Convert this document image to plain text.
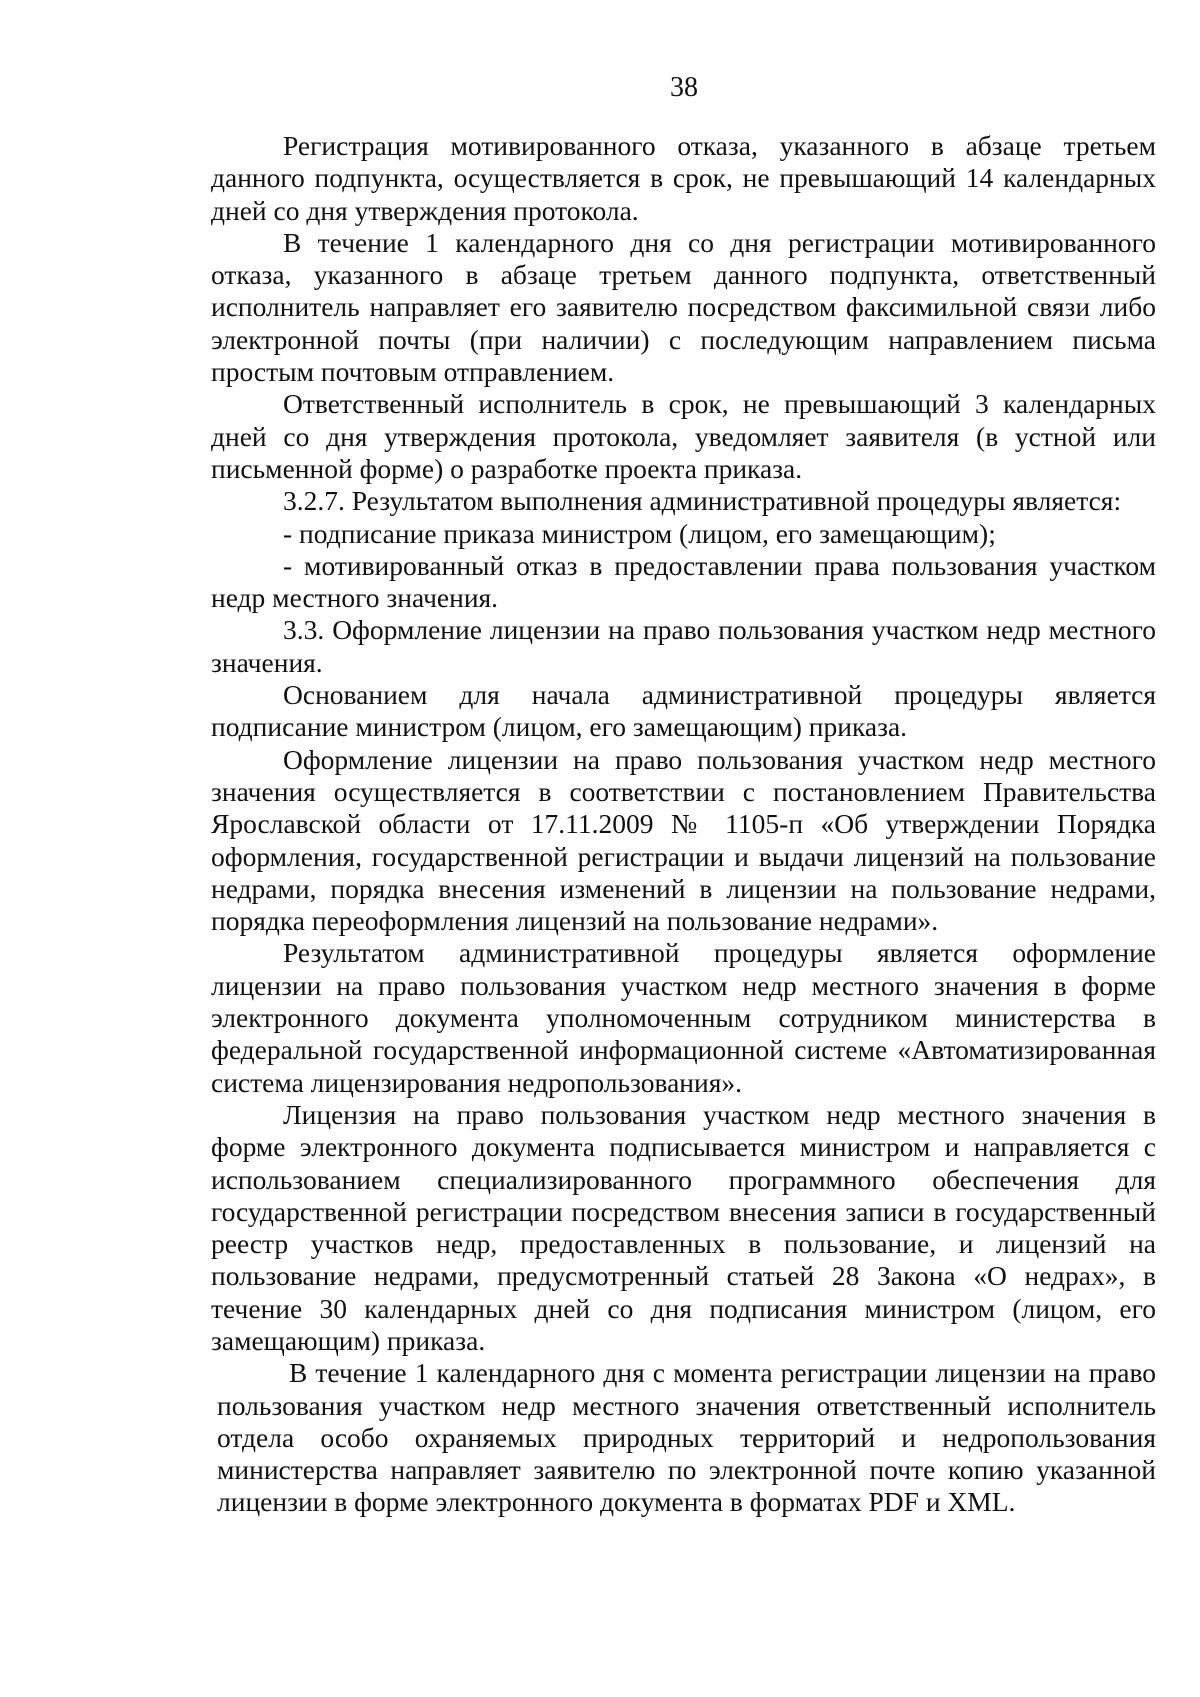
38

Регистрация мотивированного отказа, указанного в абзаце третьем данного подпункта, осуществляется в срок, не превышающий 14 календарных дней со дня утверждения протокола.

В течение 1 календарного дня со дня регистрации мотивированного отказа, указанного в абзаце третьем данного подпункта, ответственный исполнитель направляет его заявителю посредством факсимильной связи либо электронной почты (при наличии) с последующим направлением письма простым почтовым отправлением.

Ответственный исполнитель в срок, не превышающий 3 календарных дней со дня утверждения протокола, уведомляет заявителя (в устной или письменной форме) о разработке проекта приказа.

3.2.7. Результатом выполнения административной процедуры является:

- подписание приказа министром (лицом, его замещающим);

- мотивированный отказ в предоставлении права пользования участком недр местного значения.

3.3. Оформление лицензии на право пользования участком недр местного значения.

Основанием для начала административной процедуры является подписание министром (лицом, его замещающим) приказа.

Оформление лицензии на право пользования участком недр местного значения осуществляется в соответствии с постановлением Правительства Ярославской области от 17.11.2009 № 1105-п «Об утверждении Порядка оформления, государственной регистрации и выдачи лицензий на пользование недрами, порядка внесения изменений в лицензии на пользование недрами, порядка переоформления лицензий на пользование недрами».

Результатом административной процедуры является оформление лицензии на право пользования участком недр местного значения в форме электронного документа уполномоченным сотрудником министерства в федеральной государственной информационной системе «Автоматизированная система лицензирования недропользования».

Лицензия на право пользования участком недр местного значения в форме электронного документа подписывается министром и направляется с использованием специализированного программного обеспечения для государственной регистрации посредством внесения записи в государственный реестр участков недр, предоставленных в пользование, и лицензий на пользование недрами, предусмотренный статьей 28 Закона «О недрах», в течение 30 календарных дней со дня подписания министром (лицом, его замещающим) приказа.

В течение 1 календарного дня с момента регистрации лицензии на право пользования участком недр местного значения ответственный исполнитель отдела особо охраняемых природных территорий и недропользования министерства направляет заявителю по электронной почте копию указанной лицензии в форме электронного документа в форматах PDF и XML.
